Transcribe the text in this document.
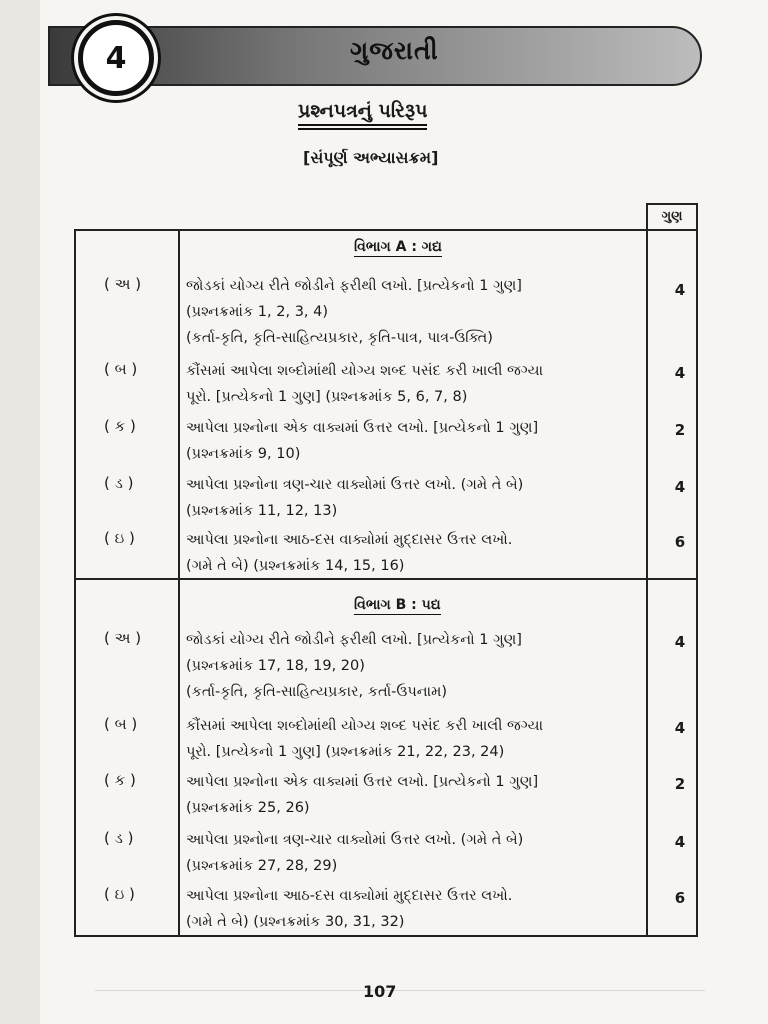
ગુજરાતી
4
પ્રશ્નપત્રનું પરિરૂપ
[સંપૂર્ણ અભ્યાસક્રમ]
ગુણ
વિભાગ A : ગદ્ય
( અ )	જોડકાં યોગ્ય રીતે જોડીને ફરીથી લખો. [પ્રત્યેકનો 1 ગુણ]
(પ્રશ્નક્રમાંક 1, 2, 3, 4)
(કર્તા-કૃતિ, કૃતિ-સાહિત્યપ્રકાર, કૃતિ-પાત્ર, પાત્ર-ઉક્તિ)
4
( બ )	કૌંસમાં આપેલા શબ્દોમાંથી યોગ્ય શબ્દ પસંદ કરી ખાલી જગ્યા
પૂરો. [પ્રત્યેકનો 1 ગુણ] (પ્રશ્નક્રમાંક 5, 6, 7, 8)
4
( ક )	આપેલા પ્રશ્નોના એક વાક્યમાં ઉત્તર લખો. [પ્રત્યેકનો 1 ગુણ]
(પ્રશ્નક્રમાંક 9, 10)
2
( ડ )	આપેલા પ્રશ્નોના ત્રણ-ચાર વાક્યોમાં ઉત્તર લખો. (ગમે તે બે)
(પ્રશ્નક્રમાંક 11, 12, 13)
4
( ઇ )	આપેલા પ્રશ્નોના આઠ-દસ વાક્યોમાં મુદ્દાસર ઉત્તર લખો.
(ગમે તે બે) (પ્રશ્નક્રમાંક 14, 15, 16)
6
વિભાગ B : પદ્ય
( અ )	જોડકાં યોગ્ય રીતે જોડીને ફરીથી લખો. [પ્રત્યેકનો 1 ગુણ]
(પ્રશ્નક્રમાંક 17, 18, 19, 20)
(કર્તા-કૃતિ, કૃતિ-સાહિત્યપ્રકાર, કર્તા-ઉપનામ)
4
( બ )	કૌંસમાં આપેલા શબ્દોમાંથી યોગ્ય શબ્દ પસંદ કરી ખાલી જગ્યા
પૂરો. [પ્રત્યેકનો 1 ગુણ] (પ્રશ્નક્રમાંક 21, 22, 23, 24)
4
( ક )	આપેલા પ્રશ્નોના એક વાક્યમાં ઉત્તર લખો. [પ્રત્યેકનો 1 ગુણ]
(પ્રશ્નક્રમાંક 25, 26)
2
( ડ )	આપેલા પ્રશ્નોના ત્રણ-ચાર વાક્યોમાં ઉત્તર લખો. (ગમે તે બે)
(પ્રશ્નક્રમાંક 27, 28, 29)
4
( ઇ )	આપેલા પ્રશ્નોના આઠ-દસ વાક્યોમાં મુદ્દાસર ઉત્તર લખો.
(ગમે તે બે) (પ્રશ્નક્રમાંક 30, 31, 32)
6
107
